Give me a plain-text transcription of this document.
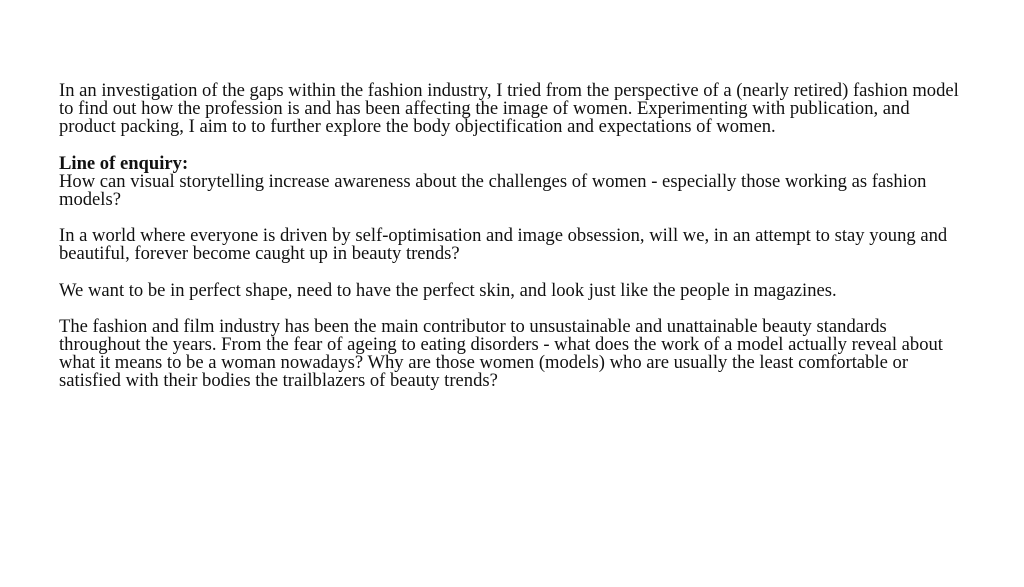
In an investigation of the gaps within the fashion industry, I tried from the perspective of a (nearly retired) fashion model to find out how the profession is and has been affecting the image of women. Experimenting with publication, and product packing, I aim to to further explore the body objectification and expectations of women.

Line of enquiry:

How can visual storytelling increase awareness about the challenges of women - especially those working as fashion models?

In a world where everyone is driven by self-optimisation and image obsession, will we, in an attempt to stay young and beautiful, forever become caught up in beauty trends?

We want to be in perfect shape, need to have the perfect skin, and look just like the people in magazines.

The fashion and film industry has been the main contributor to unsustainable and unattainable beauty standards throughout the years. From the fear of ageing to eating disorders - what does the work of a model actually reveal about what it means to be a woman nowadays? Why are those women (models) who are usually the least comfortable or satisfied with their bodies the trailblazers of beauty trends?
